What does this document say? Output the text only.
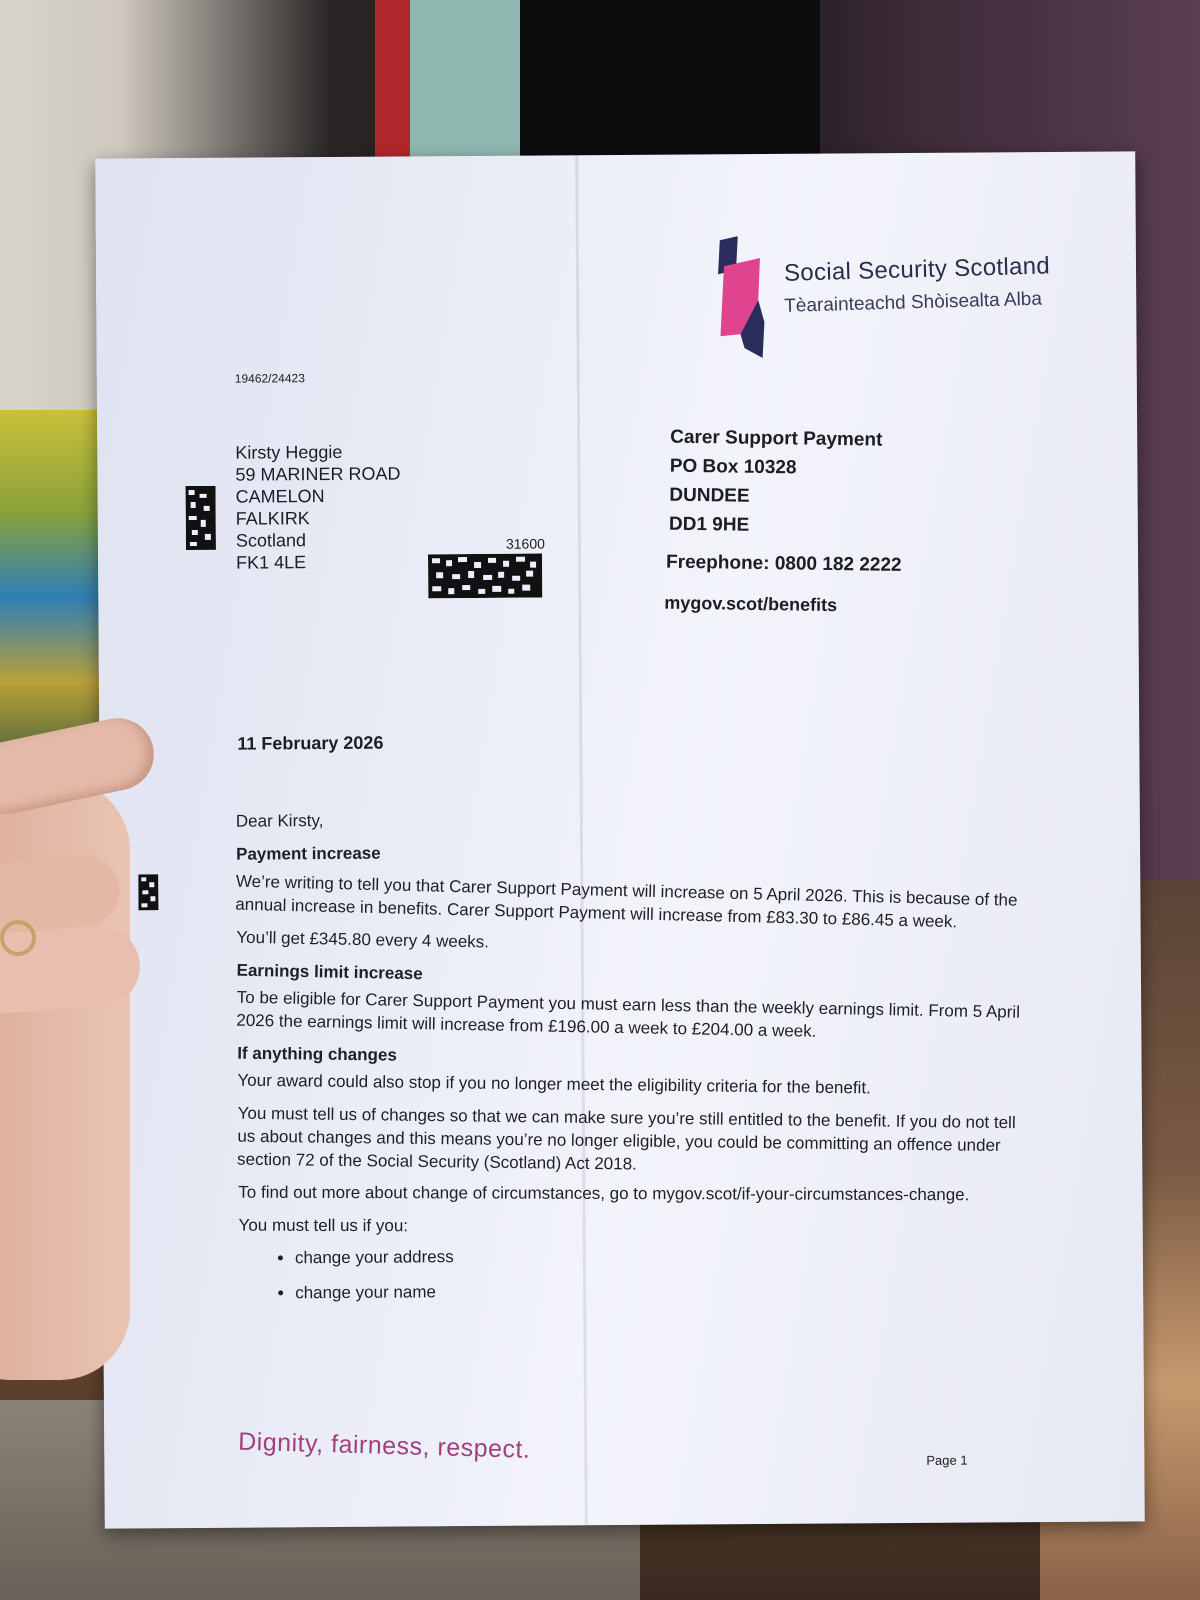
Social Security Scotland
Tèarainteachd Shòisealta Alba
19462/24423
Kirsty Heggie
59 MARINER ROAD
CAMELON
FALKIRK
Scotland
FK1 4LE
31600
Carer Support Payment
PO Box 10328
DUNDEE
DD1 9HE
Freephone: 0800 182 2222
mygov.scot/benefits
11 February 2026

Dear Kirsty,

Payment increase

We’re writing to tell you that Carer Support Payment will increase on 5 April 2026. This is because of the annual increase in benefits. Carer Support Payment will increase from £83.30 to £86.45 a week.

You’ll get £345.80 every 4 weeks.

Earnings limit increase

To be eligible for Carer Support Payment you must earn less than the weekly earnings limit. From 5 April 2026 the earnings limit will increase from £196.00 a week to £204.00 a week.

If anything changes

Your award could also stop if you no longer meet the eligibility criteria for the benefit.

You must tell us of changes so that we can make sure you’re still entitled to the benefit. If you do not tell us about changes and this means you’re no longer eligible, you could be committing an offence under section 72 of the Social Security (Scotland) Act 2018.

To find out more about change of circumstances, go to mygov.scot/if-your-circumstances-change.

You must tell us if you:

• change your address
• change your name
Dignity, fairness, respect.	Page 1
